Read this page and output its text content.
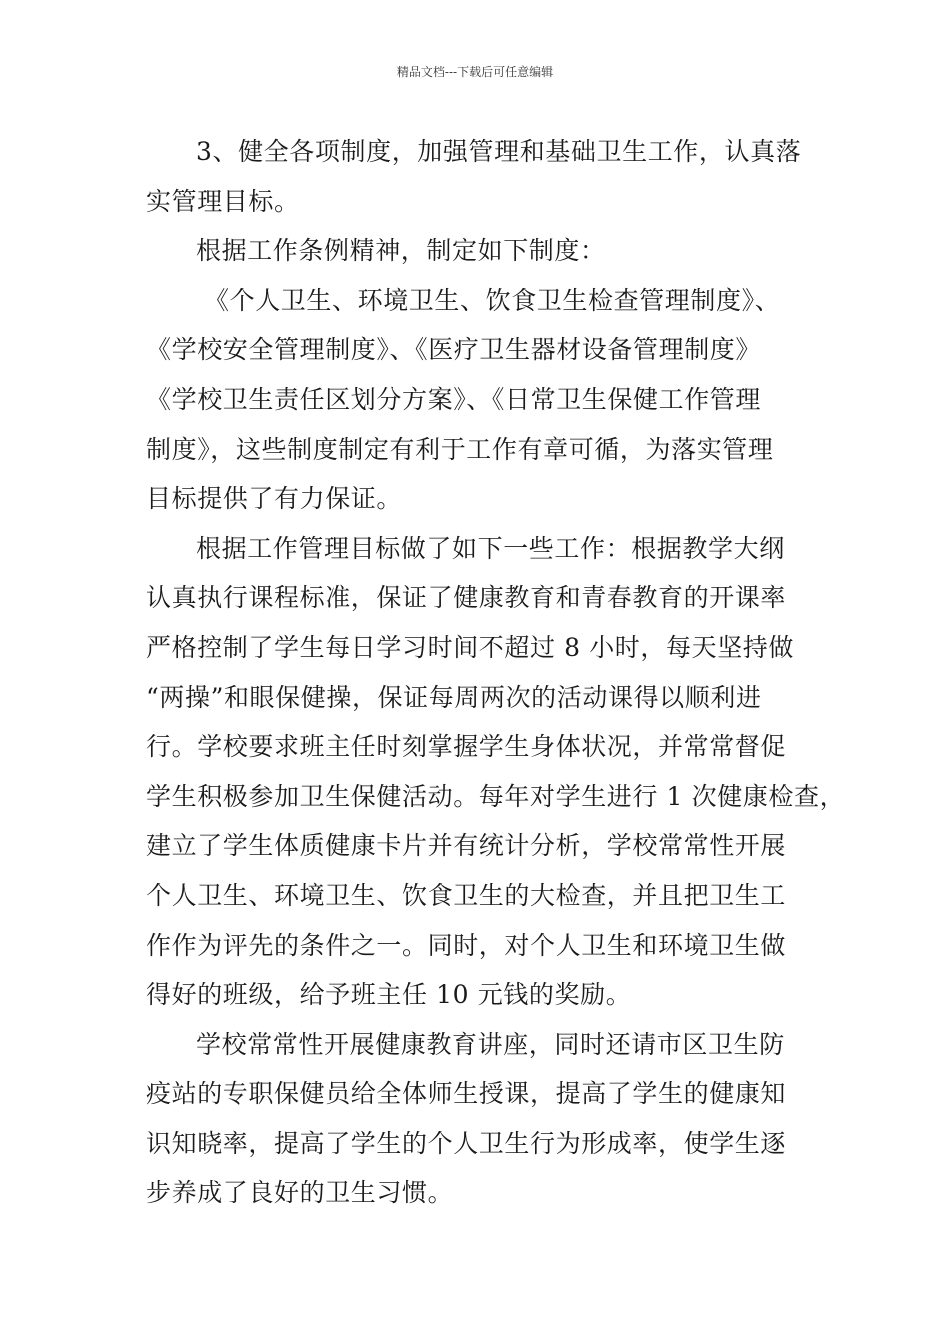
精品文档---下载后可任意编辑
3、健全各项制度，加强管理和基础卫生工作，认真落
实管理目标。
根据工作条例精神，制定如下制度：
《个人卫生、环境卫生、饮食卫生检查管理制度》、
《学校安全管理制度》、《医疗卫生器材设备管理制度》
《学校卫生责任区划分方案》、《日常卫生保健工作管理
制度》，这些制度制定有利于工作有章可循，为落实管理
目标提供了有力保证。
根据工作管理目标做了如下一些工作：根据教学大纲
认真执行课程标准，保证了健康教育和青春教育的开课率
严格控制了学生每日学习时间不超过 8 小时，每天坚持做
“两操”和眼保健操，保证每周两次的活动课得以顺利进
行。学校要求班主任时刻掌握学生身体状况，并常常督促
学生积极参加卫生保健活动。每年对学生进行 1 次健康检查，
建立了学生体质健康卡片并有统计分析，学校常常性开展
个人卫生、环境卫生、饮食卫生的大检查，并且把卫生工
作作为评先的条件之一。同时，对个人卫生和环境卫生做
得好的班级，给予班主任 10 元钱的奖励。
学校常常性开展健康教育讲座，同时还请市区卫生防
疫站的专职保健员给全体师生授课，提高了学生的健康知
识知晓率，提高了学生的个人卫生行为形成率，使学生逐
步养成了良好的卫生习惯。
